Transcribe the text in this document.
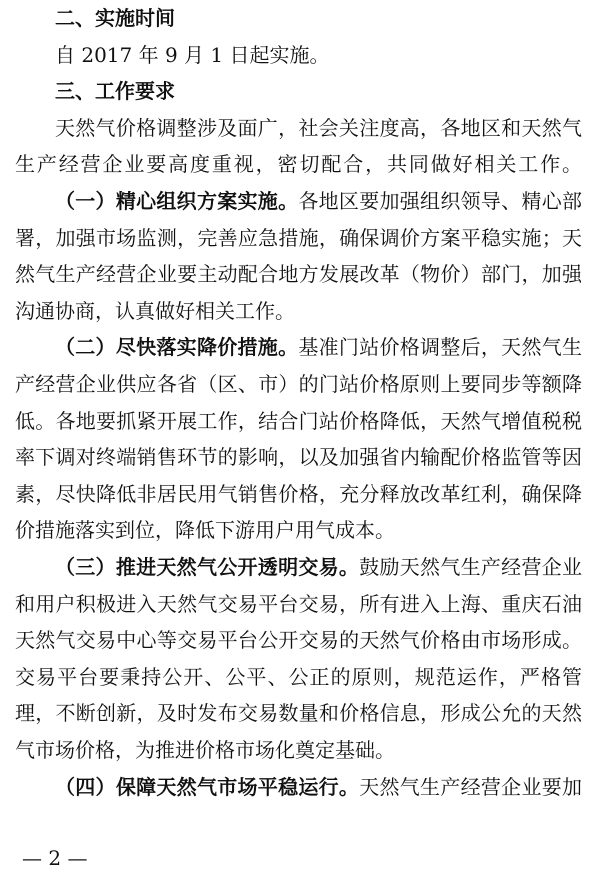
二、实施时间
自 2017 年 9 月 1 日起实施。
三、工作要求
天然气价格调整涉及面广，社会关注度高，各地区和天然气
生产经营企业要高度重视，密切配合，共同做好相关工作。
（一）精心组织方案实施。各地区要加强组织领导、精心部
署，加强市场监测，完善应急措施，确保调价方案平稳实施；天
然气生产经营企业要主动配合地方发展改革（物价）部门，加强
沟通协商，认真做好相关工作。
（二）尽快落实降价措施。基准门站价格调整后，天然气生
产经营企业供应各省（区、市）的门站价格原则上要同步等额降
低。各地要抓紧开展工作，结合门站价格降低，天然气增值税税
率下调对终端销售环节的影响，以及加强省内输配价格监管等因
素，尽快降低非居民用气销售价格，充分释放改革红利，确保降
价措施落实到位，降低下游用户用气成本。
（三）推进天然气公开透明交易。鼓励天然气生产经营企业
和用户积极进入天然气交易平台交易，所有进入上海、重庆石油
天然气交易中心等交易平台公开交易的天然气价格由市场形成。
交易平台要秉持公开、公平、公正的原则，规范运作，严格管
理，不断创新，及时发布交易数量和价格信息，形成公允的天然
气市场价格，为推进价格市场化奠定基础。
（四）保障天然气市场平稳运行。天然气生产经营企业要加
— 2 —
